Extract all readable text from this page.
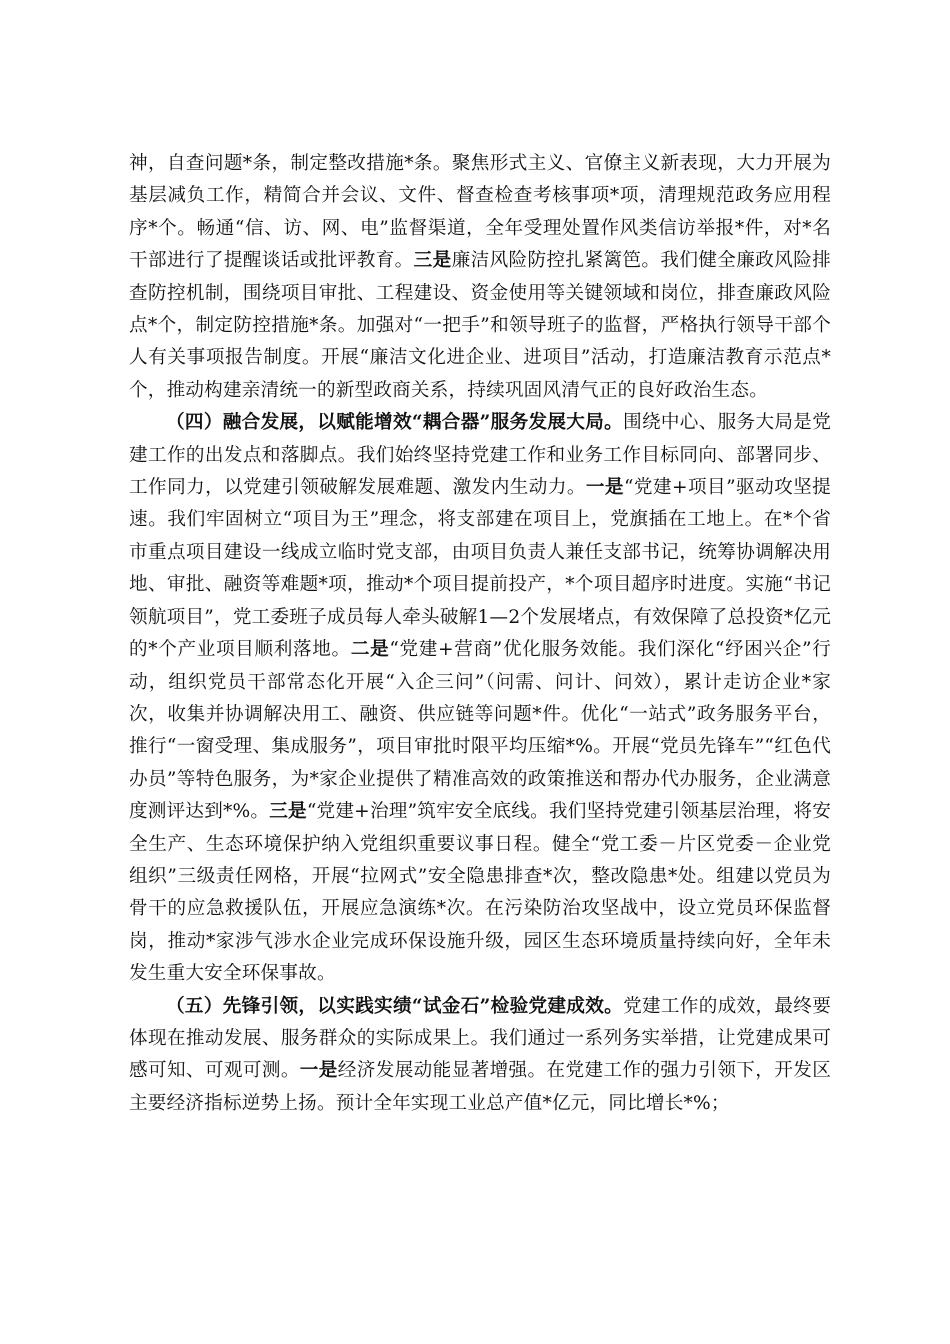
神，自查问题*条，制定整改措施*条。聚焦形式主义、官僚主义新表现，大力开展为基层减负工作，精简合并会议、文件、督查检查考核事项*项，清理规范政务应用程序*个。畅通“信、访、网、电”监督渠道，全年受理处置作风类信访举报*件，对*名干部进行了提醒谈话或批评教育。三是廉洁风险防控扎紧篱笆。我们健全廉政风险排查防控机制，围绕项目审批、工程建设、资金使用等关键领域和岗位，排查廉政风险点*个，制定防控措施*条。加强对“一把手”和领导班子的监督，严格执行领导干部个人有关事项报告制度。开展“廉洁文化进企业、进项目”活动，打造廉洁教育示范点*个，推动构建亲清统一的新型政商关系，持续巩固风清气正的良好政治生态。

（四）融合发展，以赋能增效“耦合器”服务发展大局。围绕中心、服务大局是党建工作的出发点和落脚点。我们始终坚持党建工作和业务工作目标同向、部署同步、工作同力，以党建引领破解发展难题、激发内生动力。一是“党建+项目”驱动攻坚提速。我们牢固树立“项目为王”理念，将支部建在项目上，党旗插在工地上。在*个省市重点项目建设一线成立临时党支部，由项目负责人兼任支部书记，统筹协调解决用地、审批、融资等难题*项，推动*个项目提前投产，*个项目超序时进度。实施“书记领航项目”，党工委班子成员每人牵头破解1—2个发展堵点，有效保障了总投资*亿元的*个产业项目顺利落地。二是“党建+营商”优化服务效能。我们深化“纾困兴企”行动，组织党员干部常态化开展“入企三问”（问需、问计、问效），累计走访企业*家次，收集并协调解决用工、融资、供应链等问题*件。优化“一站式”政务服务平台，推行“一窗受理、集成服务”，项目审批时限平均压缩*%。开展“党员先锋车”“红色代办员”等特色服务，为*家企业提供了精准高效的政策推送和帮办代办服务，企业满意度测评达到*%。三是“党建+治理”筑牢安全底线。我们坚持党建引领基层治理，将安全生产、生态环境保护纳入党组织重要议事日程。健全“党工委－片区党委－企业党组织”三级责任网格，开展“拉网式”安全隐患排查*次，整改隐患*处。组建以党员为骨干的应急救援队伍，开展应急演练*次。在污染防治攻坚战中，设立党员环保监督岗，推动*家涉气涉水企业完成环保设施升级，园区生态环境质量持续向好，全年未发生重大安全环保事故。

（五）先锋引领，以实践实绩“试金石”检验党建成效。党建工作的成效，最终要体现在推动发展、服务群众的实际成果上。我们通过一系列务实举措，让党建成果可感可知、可观可测。一是经济发展动能显著增强。在党建工作的强力引领下，开发区主要经济指标逆势上扬。预计全年实现工业总产值*亿元，同比增长*%；
